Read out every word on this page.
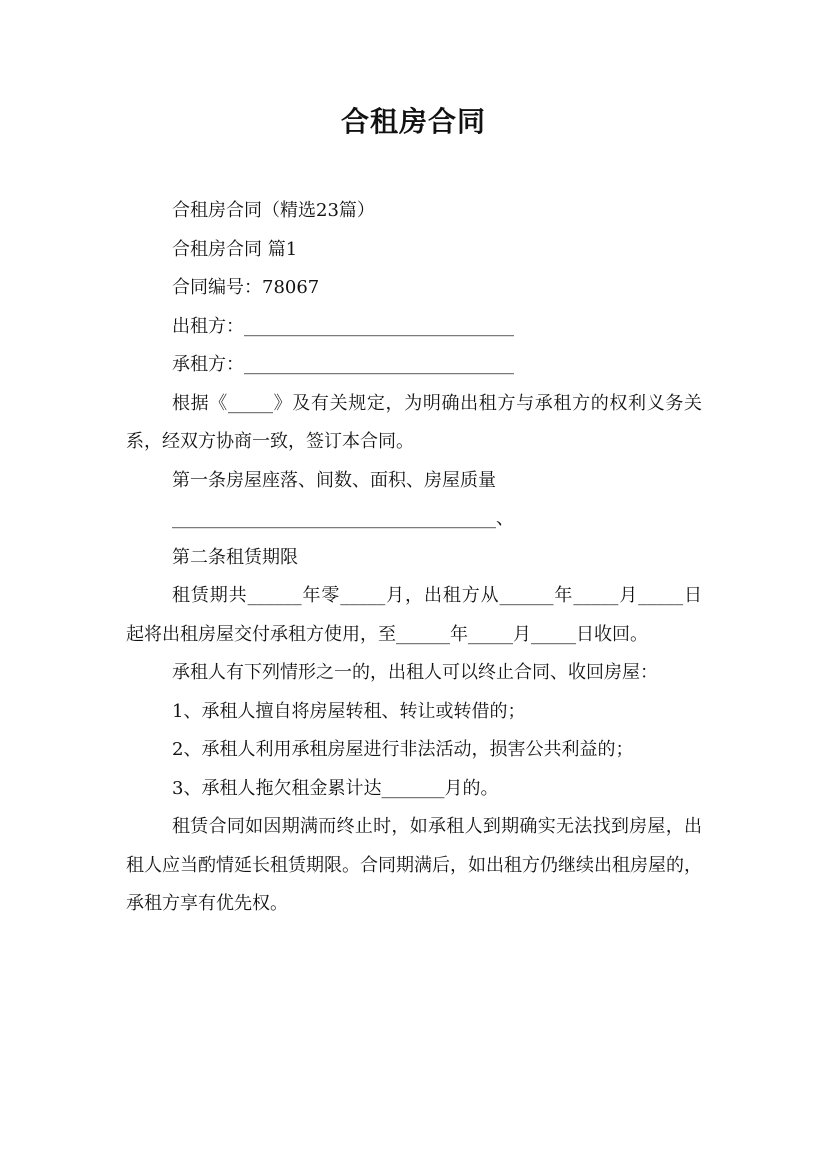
合租房合同

合租房合同（精选23篇）

合租房合同 篇1

合同编号：78067

出租方：______________________________

承租方：______________________________

根据《_____》及有关规定，为明确出租方与承租方的权利义务关系，经双方协商一致，签订本合同。

第一条房屋座落、间数、面积、房屋质量

____________________________________、

第二条租赁期限

租赁期共______年零_____月，出租方从______年_____月_____日起将出租房屋交付承租方使用，至______年_____月_____日收回。

承租人有下列情形之一的，出租人可以终止合同、收回房屋：

1、承租人擅自将房屋转租、转让或转借的；

2、承租人利用承租房屋进行非法活动，损害公共利益的；

3、承租人拖欠租金累计达_______月的。

租赁合同如因期满而终止时，如承租人到期确实无法找到房屋，出租人应当酌情延长租赁期限。合同期满后，如出租方仍继续出租房屋的，承租方享有优先权。
